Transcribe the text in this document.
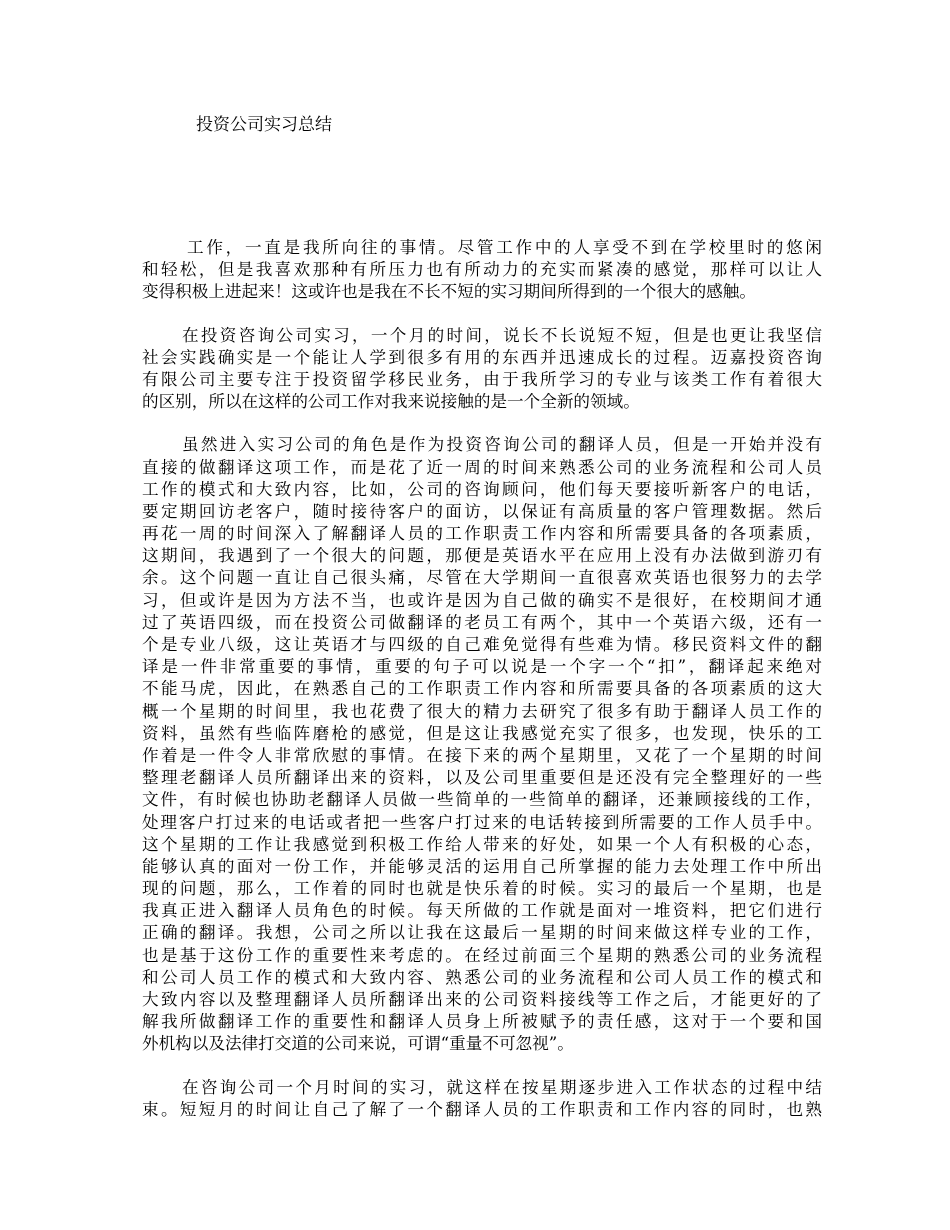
投资公司实习总结
工作，一直是我所向往的事情。尽管工作中的人享受不到在学校里时的悠闲
和轻松，但是我喜欢那种有所压力也有所动力的充实而紧凑的感觉，那样可以让人
变得积极上进起来！这或许也是我在不长不短的实习期间所得到的一个很大的感触。
在投资咨询公司实习，一个月的时间，说长不长说短不短，但是也更让我坚信
社会实践确实是一个能让人学到很多有用的东西并迅速成长的过程。迈嘉投资咨询
有限公司主要专注于投资留学移民业务，由于我所学习的专业与该类工作有着很大
的区别，所以在这样的公司工作对我来说接触的是一个全新的领域。
虽然进入实习公司的角色是作为投资咨询公司的翻译人员，但是一开始并没有
直接的做翻译这项工作，而是花了近一周的时间来熟悉公司的业务流程和公司人员
工作的模式和大致内容，比如，公司的咨询顾问，他们每天要接听新客户的电话，
要定期回访老客户，随时接待客户的面访，以保证有高质量的客户管理数据。然后
再花一周的时间深入了解翻译人员的工作职责工作内容和所需要具备的各项素质，
这期间，我遇到了一个很大的问题，那便是英语水平在应用上没有办法做到游刃有
余。这个问题一直让自己很头痛，尽管在大学期间一直很喜欢英语也很努力的去学
习，但或许是因为方法不当，也或许是因为自己做的确实不是很好，在校期间才通
过了英语四级，而在投资公司做翻译的老员工有两个，其中一个英语六级，还有一
个是专业八级，这让英语才与四级的自己难免觉得有些难为情。移民资料文件的翻
译是一件非常重要的事情，重要的句子可以说是一个字一个“扣”，翻译起来绝对
不能马虎，因此，在熟悉自己的工作职责工作内容和所需要具备的各项素质的这大
概一个星期的时间里，我也花费了很大的精力去研究了很多有助于翻译人员工作的
资料，虽然有些临阵磨枪的感觉，但是这让我感觉充实了很多，也发现，快乐的工
作着是一件令人非常欣慰的事情。在接下来的两个星期里，又花了一个星期的时间
整理老翻译人员所翻译出来的资料，以及公司里重要但是还没有完全整理好的一些
文件，有时候也协助老翻译人员做一些简单的一些简单的翻译，还兼顾接线的工作，
处理客户打过来的电话或者把一些客户打过来的电话转接到所需要的工作人员手中。
这个星期的工作让我感觉到积极工作给人带来的好处，如果一个人有积极的心态，
能够认真的面对一份工作，并能够灵活的运用自己所掌握的能力去处理工作中所出
现的问题，那么，工作着的同时也就是快乐着的时候。实习的最后一个星期，也是
我真正进入翻译人员角色的时候。每天所做的工作就是面对一堆资料，把它们进行
正确的翻译。我想，公司之所以让我在这最后一星期的时间来做这样专业的工作，
也是基于这份工作的重要性来考虑的。在经过前面三个星期的熟悉公司的业务流程
和公司人员工作的模式和大致内容、熟悉公司的业务流程和公司人员工作的模式和
大致内容以及整理翻译人员所翻译出来的公司资料接线等工作之后，才能更好的了
解我所做翻译工作的重要性和翻译人员身上所被赋予的责任感，这对于一个要和国
外机构以及法律打交道的公司来说，可谓“重量不可忽视”。
在咨询公司一个月时间的实习，就这样在按星期逐步进入工作状态的过程中结
束。短短月的时间让自己了解了一个翻译人员的工作职责和工作内容的同时，也熟
